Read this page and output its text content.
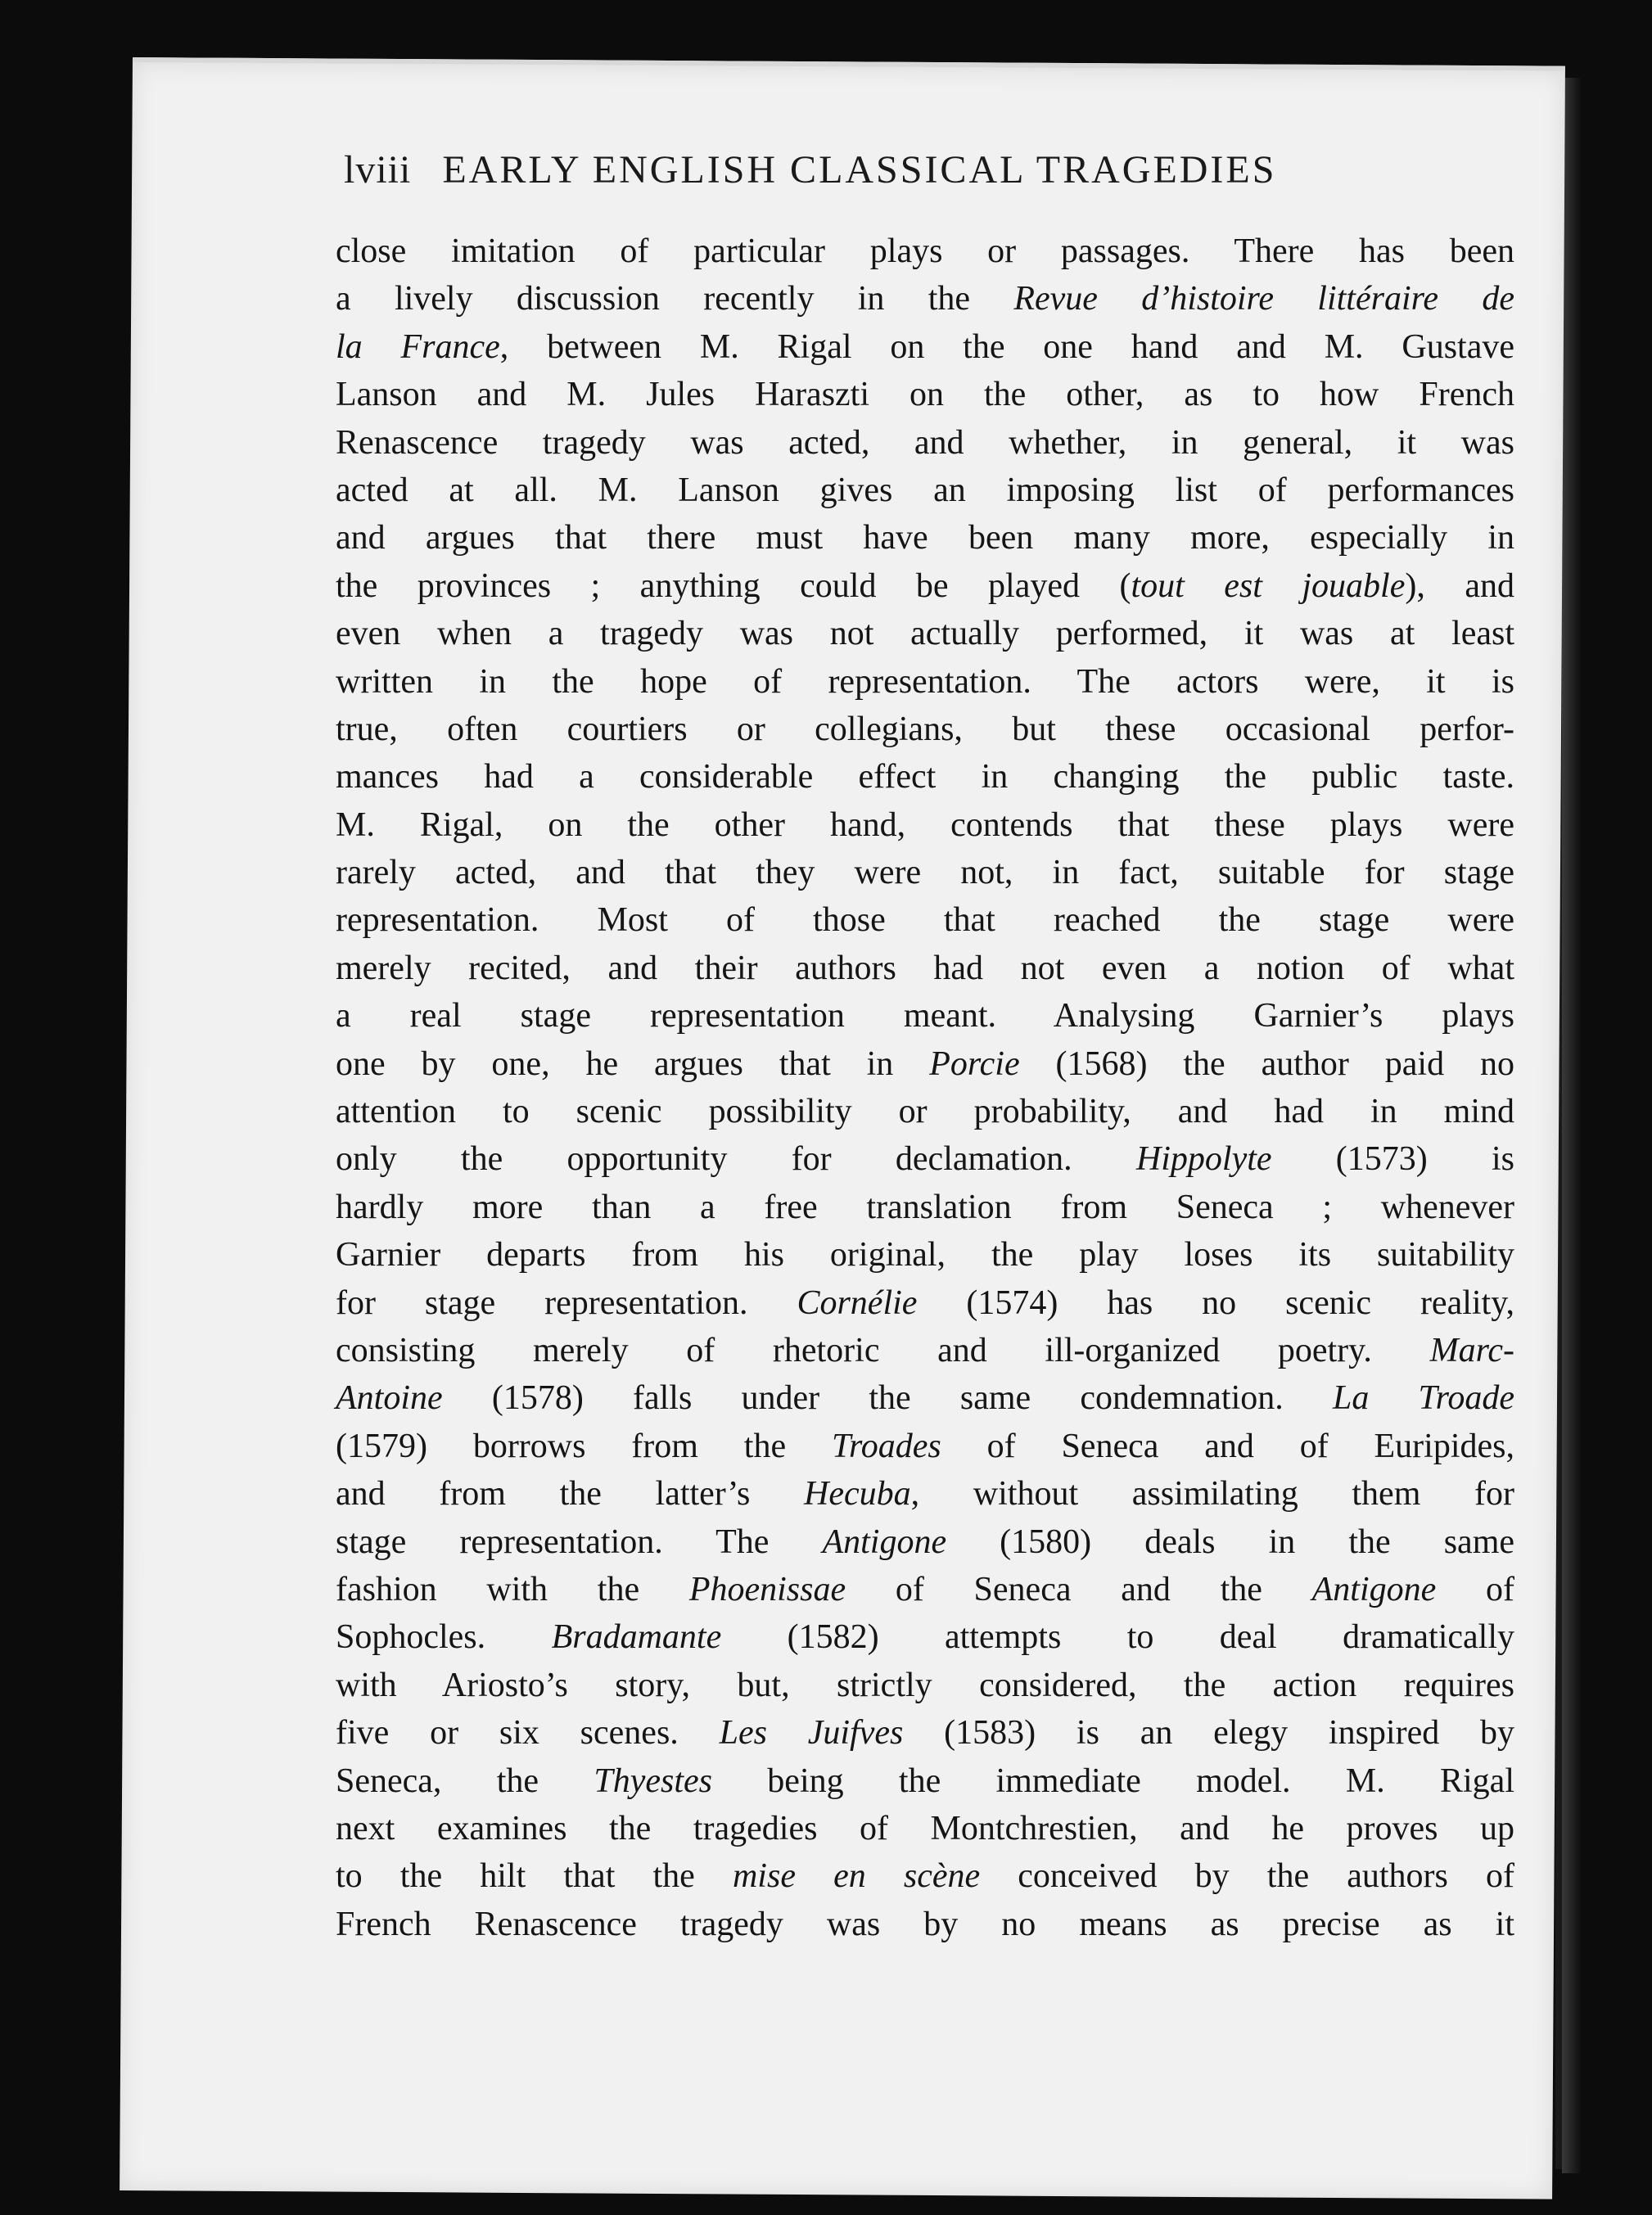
lviii EARLY ENGLISH CLASSICAL TRAGEDIES
close imitation of particular plays or passages. There has been
a lively discussion recently in the Revue d’histoire littéraire de
la France, between M. Rigal on the one hand and M. Gustave
Lanson and M. Jules Haraszti on the other, as to how French
Renascence tragedy was acted, and whether, in general, it was
acted at all. M. Lanson gives an imposing list of performances
and argues that there must have been many more, especially in
the provinces ; anything could be played (tout est jouable), and
even when a tragedy was not actually performed, it was at least
written in the hope of representation. The actors were, it is
true, often courtiers or collegians, but these occasional perfor-
mances had a considerable effect in changing the public taste.
M. Rigal, on the other hand, contends that these plays were
rarely acted, and that they were not, in fact, suitable for stage
representation. Most of those that reached the stage were
merely recited, and their authors had not even a notion of what
a real stage representation meant. Analysing Garnier’s plays
one by one, he argues that in Porcie (1568) the author paid no
attention to scenic possibility or probability, and had in mind
only the opportunity for declamation. Hippolyte (1573) is
hardly more than a free translation from Seneca ; whenever
Garnier departs from his original, the play loses its suitability
for stage representation. Cornélie (1574) has no scenic reality,
consisting merely of rhetoric and ill-organized poetry. Marc-
Antoine (1578) falls under the same condemnation. La Troade
(1579) borrows from the Troades of Seneca and of Euripides,
and from the latter’s Hecuba, without assimilating them for
stage representation. The Antigone (1580) deals in the same
fashion with the Phoenissae of Seneca and the Antigone of
Sophocles. Bradamante (1582) attempts to deal dramatically
with Ariosto’s story, but, strictly considered, the action requires
five or six scenes. Les Juifves (1583) is an elegy inspired by
Seneca, the Thyestes being the immediate model. M. Rigal
next examines the tragedies of Montchrestien, and he proves up
to the hilt that the mise en scène conceived by the authors of
French Renascence tragedy was by no means as precise as it
